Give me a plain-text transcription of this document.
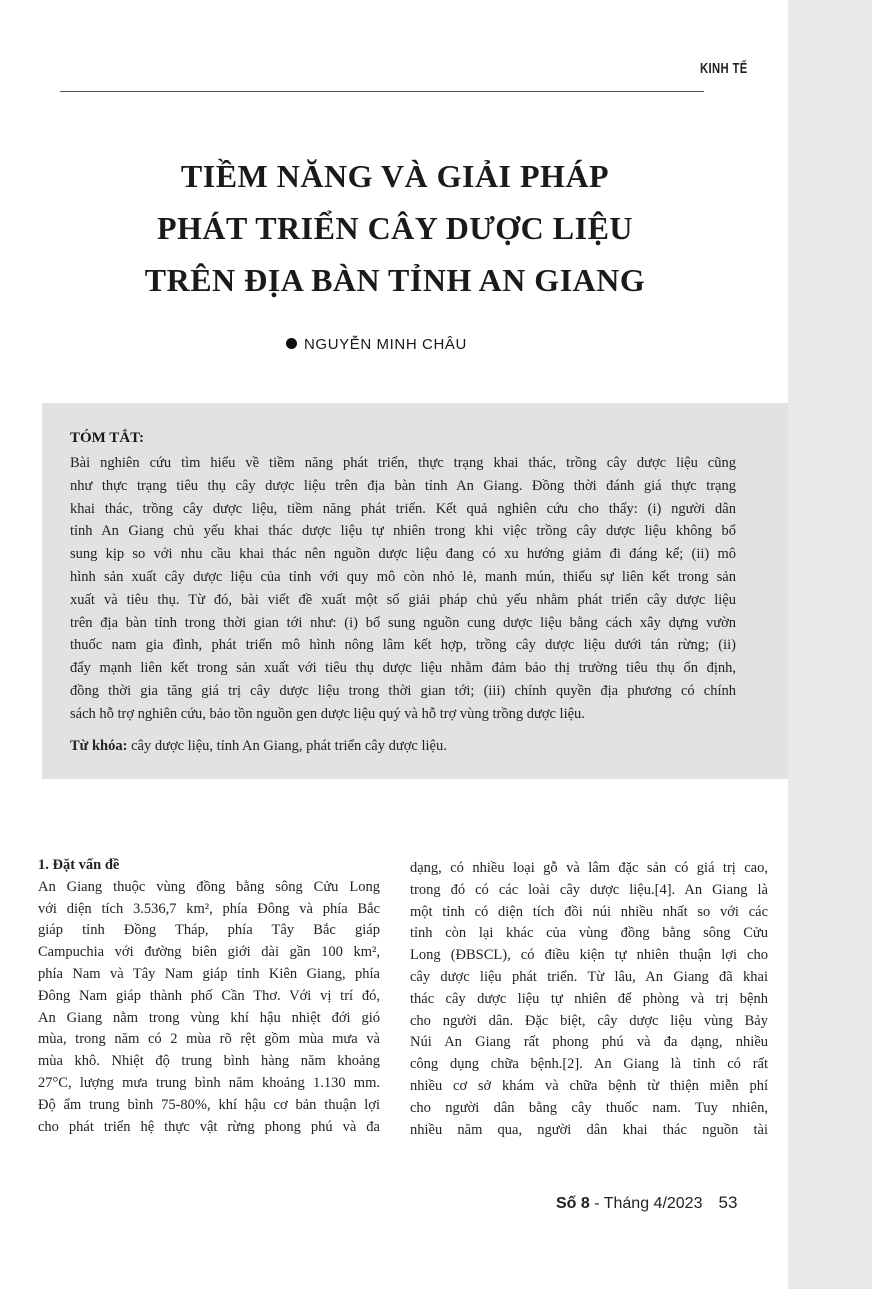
KINH TẾ
TIỀM NĂNG VÀ GIẢI PHÁP
PHÁT TRIỂN CÂY DƯỢC LIỆU
TRÊN ĐỊA BÀN TỈNH AN GIANG
NGUYỄN MINH CHÂU
TÓM TẮT:
Bài nghiên cứu tìm hiểu về tiềm năng phát triển, thực trạng khai thác, trồng cây dược liệu cũng
như thực trạng tiêu thụ cây dược liệu trên địa bàn tỉnh An Giang. Đồng thời đánh giá thực trạng
khai thác, trồng cây dược liệu, tiềm năng phát triển. Kết quả nghiên cứu cho thấy: (i) người dân
tỉnh An Giang chủ yếu khai thác dược liệu tự nhiên trong khi việc trồng cây dược liệu không bổ
sung kịp so với nhu cầu khai thác nên nguồn dược liệu đang có xu hướng giảm đi đáng kể; (ii) mô
hình sản xuất cây dược liệu của tỉnh với quy mô còn nhỏ lẻ, manh mún, thiếu sự liên kết trong sản
xuất và tiêu thụ. Từ đó, bài viết đề xuất một số giải pháp chủ yếu nhằm phát triển cây dược liệu
trên địa bàn tỉnh trong thời gian tới như: (i) bổ sung nguồn cung dược liệu bằng cách xây dựng vườn
thuốc nam gia đình, phát triển mô hình nông lâm kết hợp, trồng cây dược liệu dưới tán rừng; (ii)
đẩy mạnh liên kết trong sản xuất với tiêu thụ dược liệu nhằm đảm bảo thị trường tiêu thụ ổn định,
đồng thời gia tăng giá trị cây dược liệu trong thời gian tới; (iii) chính quyền địa phương có chính
sách hỗ trợ nghiên cứu, bảo tồn nguồn gen dược liệu quý và hỗ trợ vùng trồng dược liệu.
Từ khóa: cây dược liệu, tỉnh An Giang, phát triển cây dược liệu.
1. Đặt vấn đề
An Giang thuộc vùng đồng bằng sông Cửu Long
với diện tích 3.536,7 km², phía Đông và phía Bắc
giáp tỉnh Đồng Tháp, phía Tây Bắc giáp
Campuchia với đường biên giới dài gần 100 km²,
phía Nam và Tây Nam giáp tỉnh Kiên Giang, phía
Đông Nam giáp thành phố Cần Thơ. Với vị trí đó,
An Giang nằm trong vùng khí hậu nhiệt đới gió
mùa, trong năm có 2 mùa rõ rệt gồm mùa mưa và
mùa khô. Nhiệt độ trung bình hàng năm khoảng
27°C, lượng mưa trung bình năm khoảng 1.130 mm.
Độ ẩm trung bình 75-80%, khí hậu cơ bản thuận lợi
cho phát triển hệ thực vật rừng phong phú và đa
dạng, có nhiều loại gỗ và lâm đặc sản có giá trị cao,
trong đó có các loài cây dược liệu.[4]. An Giang là
một tỉnh có diện tích đồi núi nhiều nhất so với các
tỉnh còn lại khác của vùng đồng bằng sông Cửu
Long (ĐBSCL), có điều kiện tự nhiên thuận lợi cho
cây dược liệu phát triển. Từ lâu, An Giang đã khai
thác cây dược liệu tự nhiên để phòng và trị bệnh
cho người dân. Đặc biệt, cây dược liệu vùng Bảy
Núi An Giang rất phong phú và đa dạng, nhiều
công dụng chữa bệnh.[2]. An Giang là tỉnh có rất
nhiều cơ sở khám và chữa bệnh từ thiện miễn phí
cho người dân bằng cây thuốc nam. Tuy nhiên,
nhiều năm qua, người dân khai thác nguồn tài
Số 8 - Tháng 4/2023 53
